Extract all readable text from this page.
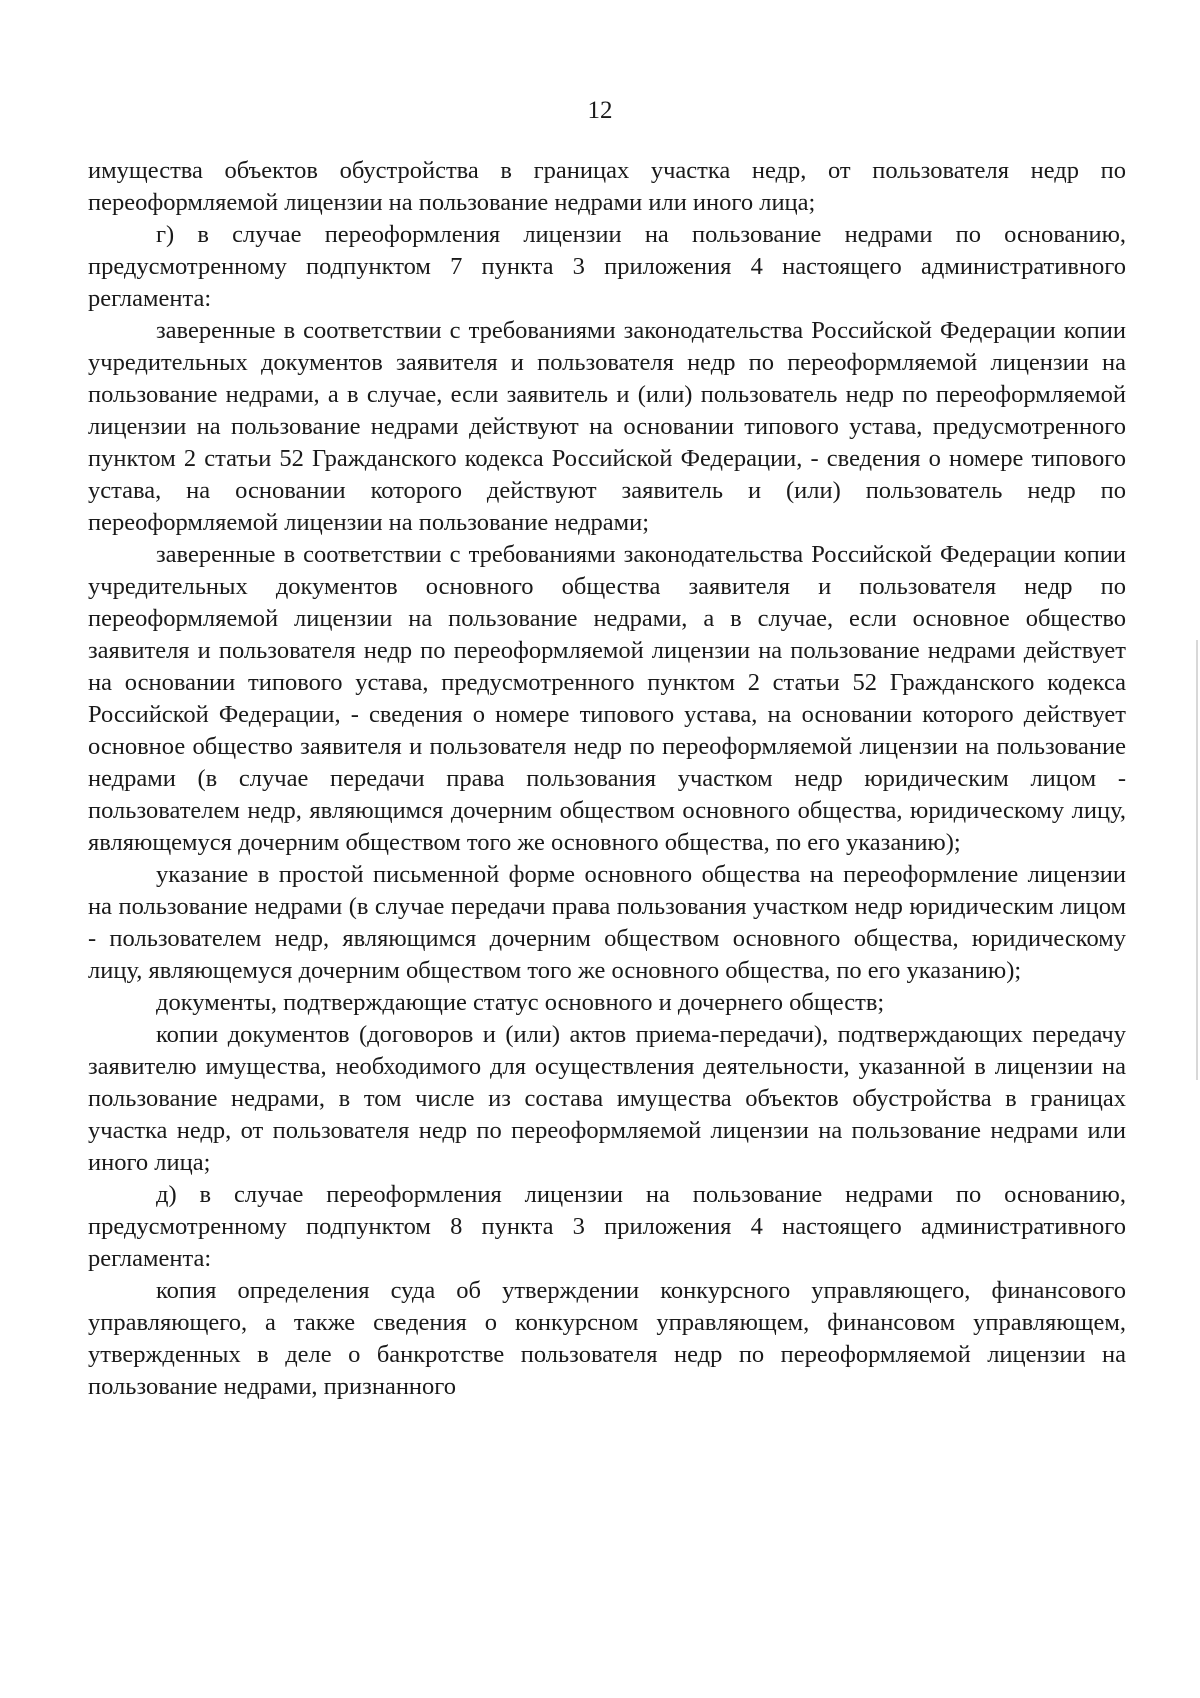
12

имущества объектов обустройства в границах участка недр, от пользователя недр по переоформляемой лицензии на пользование недрами или иного лица;

г) в случае переоформления лицензии на пользование недрами по основанию, предусмотренному подпунктом 7 пункта 3 приложения 4 настоящего административного регламента:

заверенные в соответствии с требованиями законодательства Российской Федерации копии учредительных документов заявителя и пользователя недр по переоформляемой лицензии на пользование недрами, а в случае, если заявитель и (или) пользователь недр по переоформляемой лицензии на пользование недрами действуют на основании типового устава, предусмотренного пунктом 2 статьи 52 Гражданского кодекса Российской Федерации, - сведения о номере типового устава, на основании которого действуют заявитель и (или) пользователь недр по переоформляемой лицензии на пользование недрами;

заверенные в соответствии с требованиями законодательства Российской Федерации копии учредительных документов основного общества заявителя и пользователя недр по переоформляемой лицензии на пользование недрами, а в случае, если основное общество заявителя и пользователя недр по переоформляемой лицензии на пользование недрами действует на основании типового устава, предусмотренного пунктом 2 статьи 52 Гражданского кодекса Российской Федерации, - сведения о номере типового устава, на основании которого действует основное общество заявителя и пользователя недр по переоформляемой лицензии на пользование недрами (в случае передачи права пользования участком недр юридическим лицом - пользователем недр, являющимся дочерним обществом основного общества, юридическому лицу, являющемуся дочерним обществом того же основного общества, по его указанию);

указание в простой письменной форме основного общества на переоформление лицензии на пользование недрами (в случае передачи права пользования участком недр юридическим лицом - пользователем недр, являющимся дочерним обществом основного общества, юридическому лицу, являющемуся дочерним обществом того же основного общества, по его указанию);

документы, подтверждающие статус основного и дочернего обществ;

копии документов (договоров и (или) актов приема-передачи), подтверждающих передачу заявителю имущества, необходимого для осуществления деятельности, указанной в лицензии на пользование недрами, в том числе из состава имущества объектов обустройства в границах участка недр, от пользователя недр по переоформляемой лицензии на пользование недрами или иного лица;

д) в случае переоформления лицензии на пользование недрами по основанию, предусмотренному подпунктом 8 пункта 3 приложения 4 настоящего административного регламента:

копия определения суда об утверждении конкурсного управляющего, финансового управляющего, а также сведения о конкурсном управляющем, финансовом управляющем, утвержденных в деле о банкротстве пользователя недр по переоформляемой лицензии на пользование недрами, признанного
